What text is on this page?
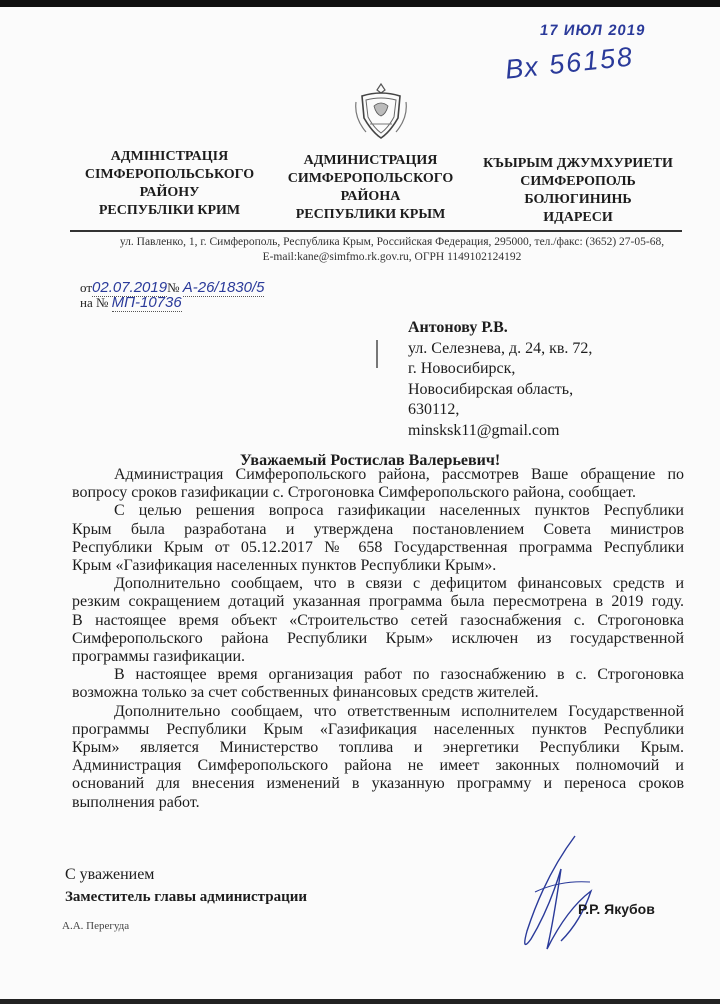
17 ИЮЛ 2019
Вх 56158
АДМІНІСТРАЦІЯ
СІМФЕРОПОЛЬСЬКОГО
РАЙОНУ
РЕСПУБЛІКИ КРИМ
АДМИНИСТРАЦИЯ
СИМФЕРОПОЛЬСКОГО
РАЙОНА
РЕСПУБЛИКИ КРЫМ
КЪЫРЫМ ДЖУМХУРИЕТИ
СИМФЕРОПОЛЬ
БОЛЮГИНИНЬ
ИДАРЕСИ
ул. Павленко, 1, г. Симферополь, Республика Крым, Российская Федерация, 295000, тел./факс: (3652) 27-05-68,
E-mail:kane@simfmo.rk.gov.ru, ОГРН 1149102124192
от02.07.2019№ А-26/1830/5
на № МП-10736
Антонову Р.В.
ул. Селезнева, д. 24, кв. 72,
г. Новосибирск,
Новосибирская область,
630112,
minsksk11@gmail.com
Уважаемый Ростислав Валерьевич!
Администрация Симферопольского района, рассмотрев Ваше обращение по
вопросу сроков газификации с. Строгоновка Симферопольского района, сообщает.
С целью решения вопроса газификации населенных пунктов Республики
Крым была разработана и утверждена постановлением Совета министров
Республики Крым от 05.12.2017 № 658 Государственная программа Республики
Крым «Газификация населенных пунктов Республики Крым».
Дополнительно сообщаем, что в связи с дефицитом финансовых средств и
резким сокращением дотаций указанная программа была пересмотрена в 2019 году.
В настоящее время объект «Строительство сетей газоснабжения с. Строгоновка
Симферопольского района Республики Крым» исключен из государственной
программы газификации.
В настоящее время организация работ по газоснабжению в с. Строгоновка
возможна только за счет собственных финансовых средств жителей.
Дополнительно сообщаем, что ответственным исполнителем Государственной
программы Республики Крым «Газификация населенных пунктов Республики
Крым» является Министерство топлива и энергетики Республики Крым.
Администрация Симферопольского района не имеет законных полномочий и
оснований для внесения изменений в указанную программу и переноса сроков
выполнения работ.
С уважением
Заместитель главы администрации
Р.Р. Якубов
А.А. Перегуда
